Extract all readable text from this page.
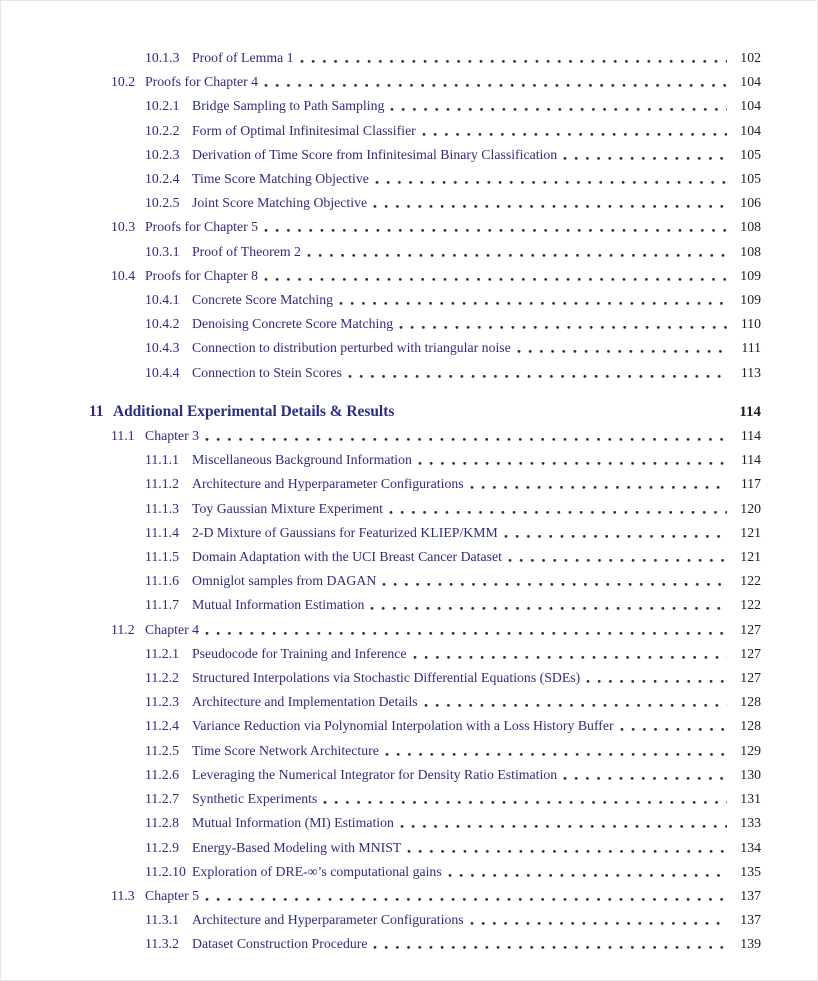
10.1.3 Proof of Lemma 1	102
10.2 Proofs for Chapter 4	104
10.2.1 Bridge Sampling to Path Sampling	104
10.2.2 Form of Optimal Infinitesimal Classifier	104
10.2.3 Derivation of Time Score from Infinitesimal Binary Classification	105
10.2.4 Time Score Matching Objective	105
10.2.5 Joint Score Matching Objective	106
10.3 Proofs for Chapter 5	108
10.3.1 Proof of Theorem 2	108
10.4 Proofs for Chapter 8	109
10.4.1 Concrete Score Matching	109
10.4.2 Denoising Concrete Score Matching	110
10.4.3 Connection to distribution perturbed with triangular noise	111
10.4.4 Connection to Stein Scores	113
11 Additional Experimental Details & Results	114
11.1 Chapter 3	114
11.1.1 Miscellaneous Background Information	114
11.1.2 Architecture and Hyperparameter Configurations	117
11.1.3 Toy Gaussian Mixture Experiment	120
11.1.4 2-D Mixture of Gaussians for Featurized KLIEP/KMM	121
11.1.5 Domain Adaptation with the UCI Breast Cancer Dataset	121
11.1.6 Omniglot samples from DAGAN	122
11.1.7 Mutual Information Estimation	122
11.2 Chapter 4	127
11.2.1 Pseudocode for Training and Inference	127
11.2.2 Structured Interpolations via Stochastic Differential Equations (SDEs)	127
11.2.3 Architecture and Implementation Details	128
11.2.4 Variance Reduction via Polynomial Interpolation with a Loss History Buffer	128
11.2.5 Time Score Network Architecture	129
11.2.6 Leveraging the Numerical Integrator for Density Ratio Estimation	130
11.2.7 Synthetic Experiments	131
11.2.8 Mutual Information (MI) Estimation	133
11.2.9 Energy-Based Modeling with MNIST	134
11.2.10 Exploration of DRE-∞’s computational gains	135
11.3 Chapter 5	137
11.3.1 Architecture and Hyperparameter Configurations	137
11.3.2 Dataset Construction Procedure	139
